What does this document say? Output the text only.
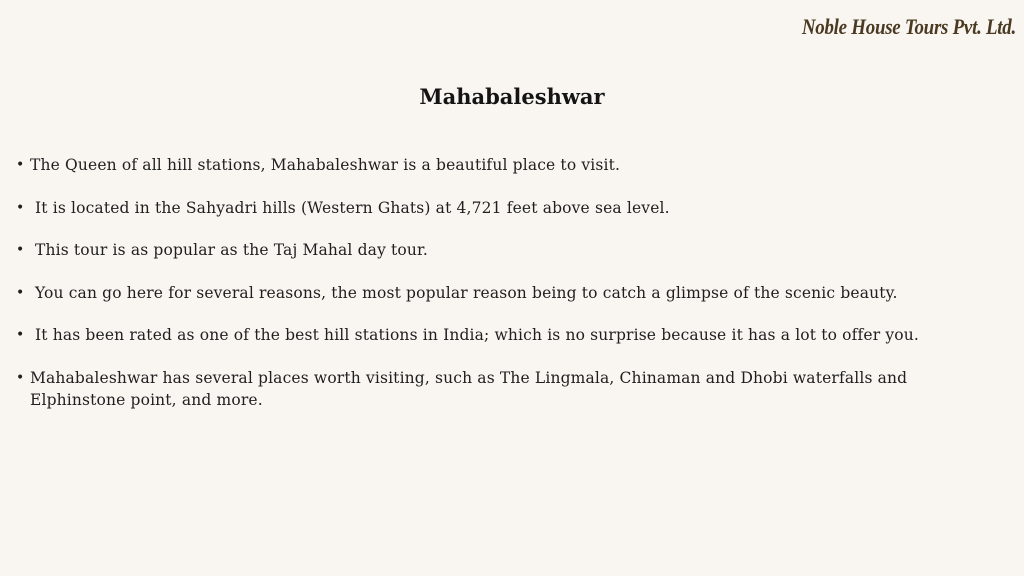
Noble House Tours Pvt. Ltd.
Mahabaleshwar
• The Queen of all hill stations, Mahabaleshwar is a beautiful place to visit.
• It is located in the Sahyadri hills (Western Ghats) at 4,721 feet above sea level.
• This tour is as popular as the Taj Mahal day tour.
• You can go here for several reasons, the most popular reason being to catch a glimpse of the scenic beauty.
• It has been rated as one of the best hill stations in India; which is no surprise because it has a lot to offer you.
• Mahabaleshwar has several places worth visiting, such as The Lingmala, Chinaman and Dhobi waterfalls and Elphinstone point, and more.
